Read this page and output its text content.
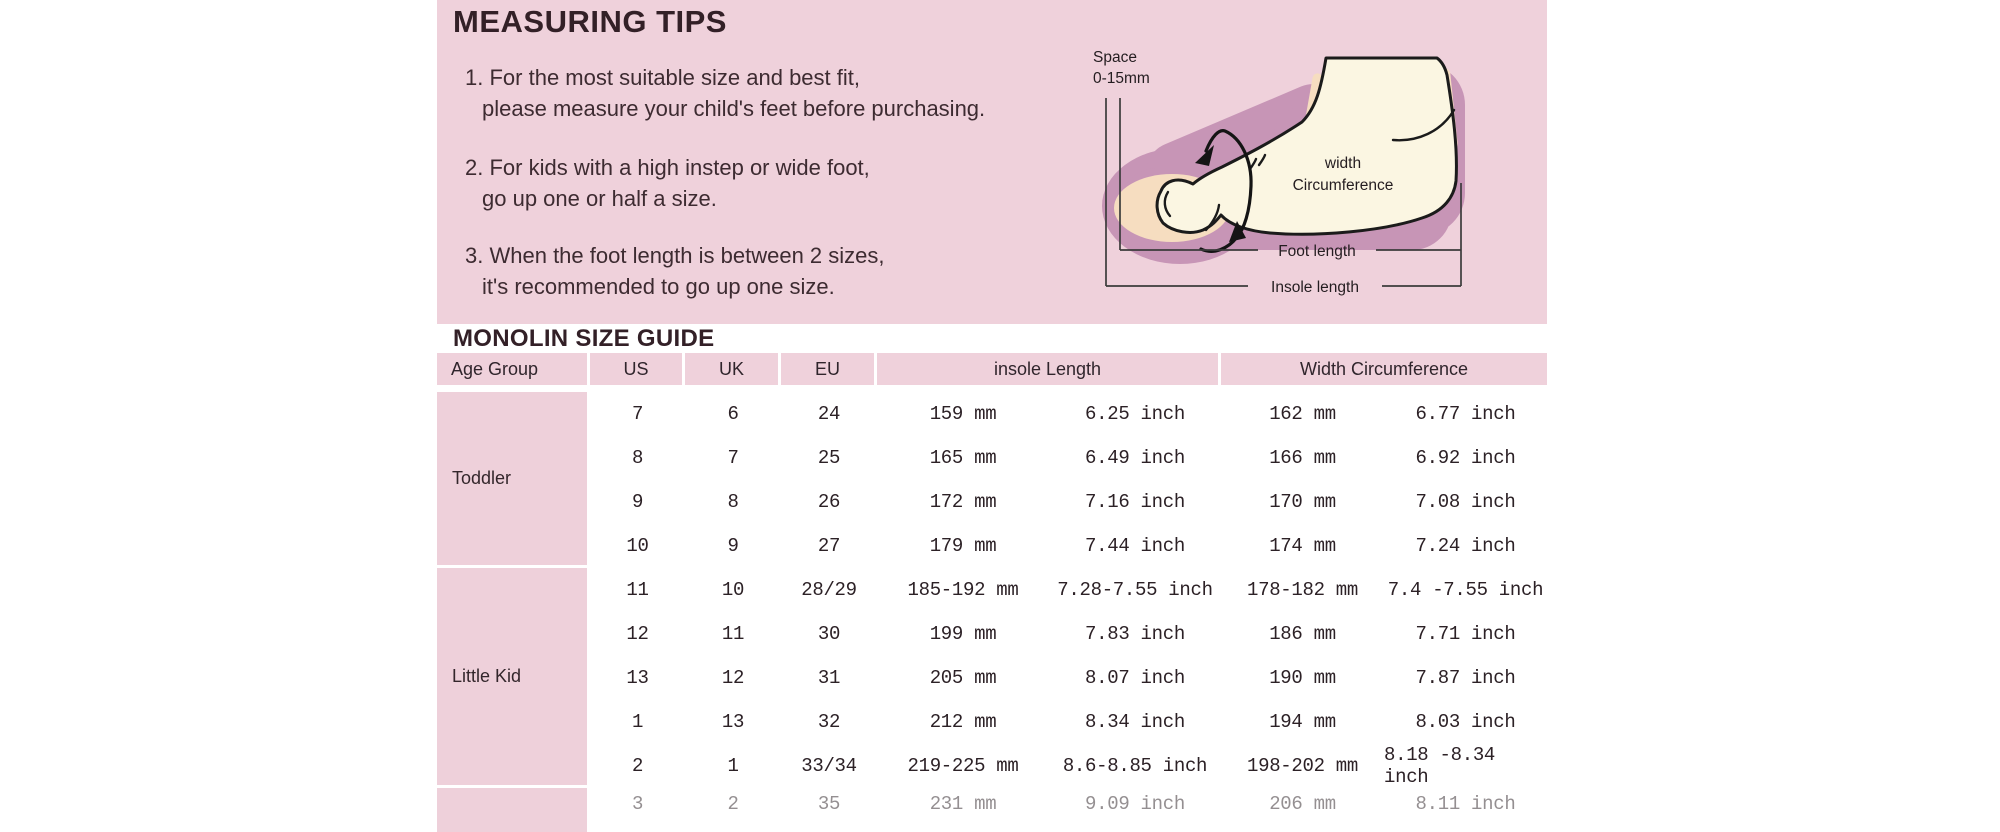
MEASURING TIPS
1. For the most suitable size and best fit,
please measure your child's feet before purchasing.
2. For kids with a high instep or wide foot,
go up one or half a size.
3. When the foot length is between 2 sizes,
it's recommended to go up one size.
Space
0-15mm
width
Circumference
Foot length
Insole length
MONOLIN SIZE GUIDE
Age Group	US	UK	EU	insole Length	Width Circumference
Toddler
7	6	24	159 mm	6.25 inch	162 mm	6.77 inch
8	7	25	165 mm	6.49 inch	166 mm	6.92 inch
9	8	26	172 mm	7.16 inch	170 mm	7.08 inch
10	9	27	179 mm	7.44 inch	174 mm	7.24 inch
Little Kid
11	10	28/29	185-192 mm	7.28-7.55 inch	178-182 mm	7.4 -7.55 inch
12	11	30	199 mm	7.83 inch	186 mm	7.71 inch
13	12	31	205 mm	8.07 inch	190 mm	7.87 inch
1	13	32	212 mm	8.34 inch	194 mm	8.03 inch
2	1	33/34	219-225 mm	8.6-8.85 inch	198-202 mm	8.18 -8.34 inch
3	2	35	231 mm	9.09 inch	206 mm	8.11 inch
